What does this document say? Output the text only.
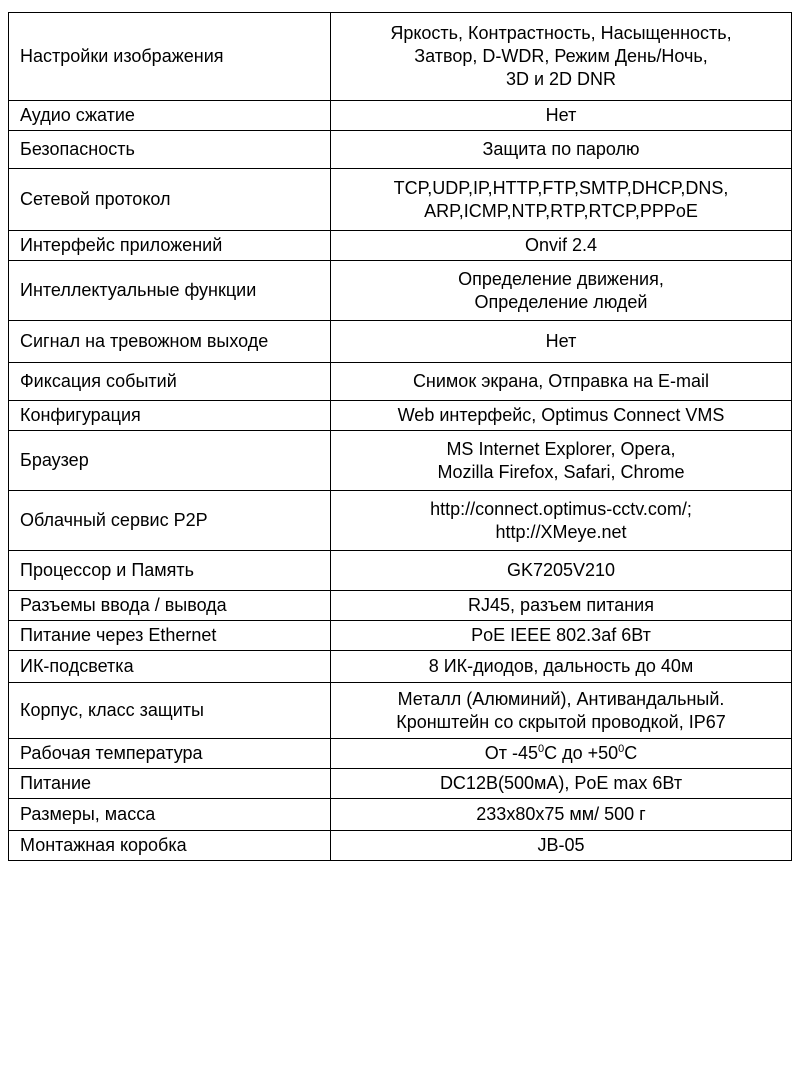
Настройки изображения	Яркость, Контрастность, Насыщенность,
Затвор, D-WDR, Режим День/Ночь,
3D и 2D DNR
Аудио сжатие	Нет
Безопасность	Защита по паролю
Сетевой протокол	TCP,UDP,IP,HTTP,FTP,SMTP,DHCP,DNS,
ARP,ICMP,NTP,RTP,RTCP,PPPoE
Интерфейс приложений	Onvif 2.4
Интеллектуальные функции	Определение движения,
Определение людей
Сигнал на тревожном выходе	Нет
Фиксация событий	Снимок экрана, Отправка на E-mail
Конфигурация	Web интерфейс, Optimus Connect VMS
Браузер	MS Internet Explorer, Opera,
Mozilla Firefox, Safari, Chrome
Облачный сервис P2P	http://connect.optimus-cctv.com/;
http://XMeye.net
Процессор и Память	GK7205V210
Разъемы ввода / вывода	RJ45, разъем питания
Питание через Ethernet	PoE IEEE 802.3af 6Вт
ИК-подсветка	8 ИК-диодов, дальность до 40м
Корпус, класс защиты	Металл (Алюминий), Антивандальный.
Кронштейн со скрытой проводкой, IP67
Рабочая температура	От $-45^0C$ до $+50^0C$
Питание	DC12В(500мА), PoE max 6Вт
Размеры, масса	233х80х75 мм/ 500 г
Монтажная коробка	JB-05
